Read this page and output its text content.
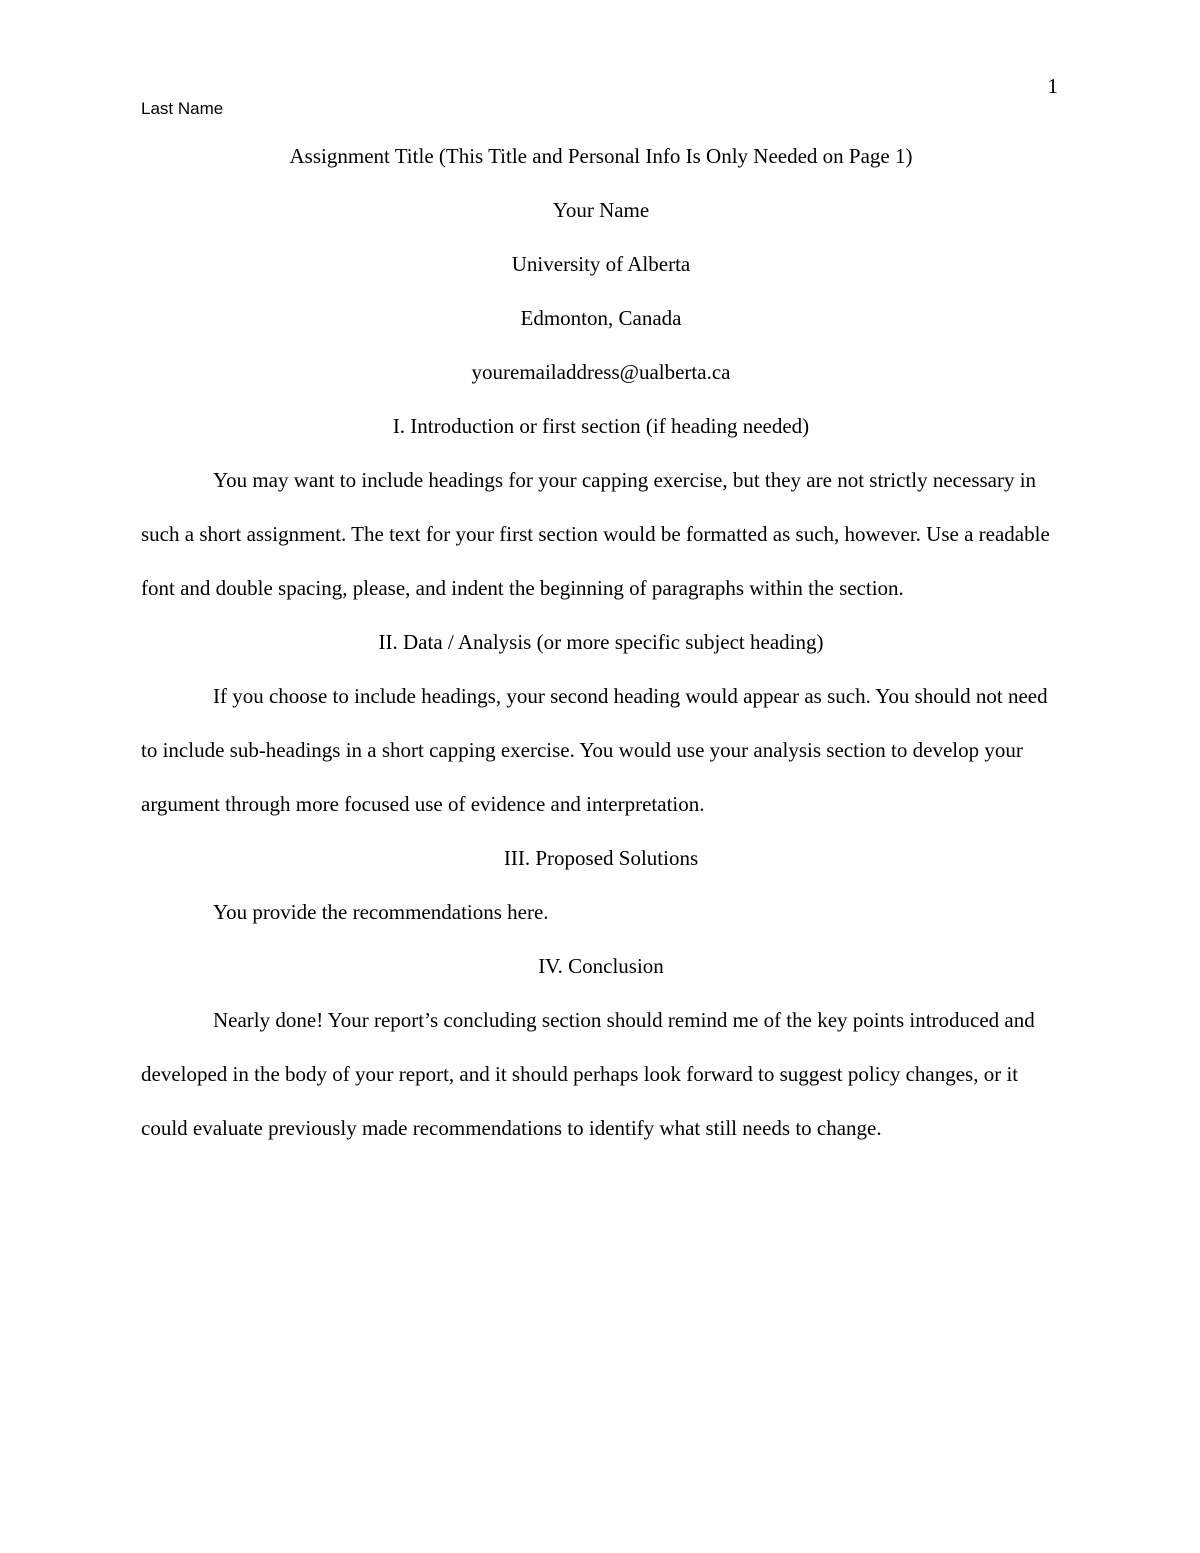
1
Last Name

Assignment Title (This Title and Personal Info Is Only Needed on Page 1)

Your Name

University of Alberta

Edmonton, Canada

youremailaddress@ualberta.ca

I. Introduction or first section (if heading needed)

You may want to include headings for your capping exercise, but they are not strictly necessary in such a short assignment. The text for your first section would be formatted as such, however. Use a readable font and double spacing, please, and indent the beginning of paragraphs within the section.

II. Data / Analysis (or more specific subject heading)

If you choose to include headings, your second heading would appear as such. You should not need to include sub-headings in a short capping exercise. You would use your analysis section to develop your argument through more focused use of evidence and interpretation.

III. Proposed Solutions

You provide the recommendations here.

IV. Conclusion

Nearly done! Your report’s concluding section should remind me of the key points introduced and developed in the body of your report, and it should perhaps look forward to suggest policy changes, or it could evaluate previously made recommendations to identify what still needs to change.
